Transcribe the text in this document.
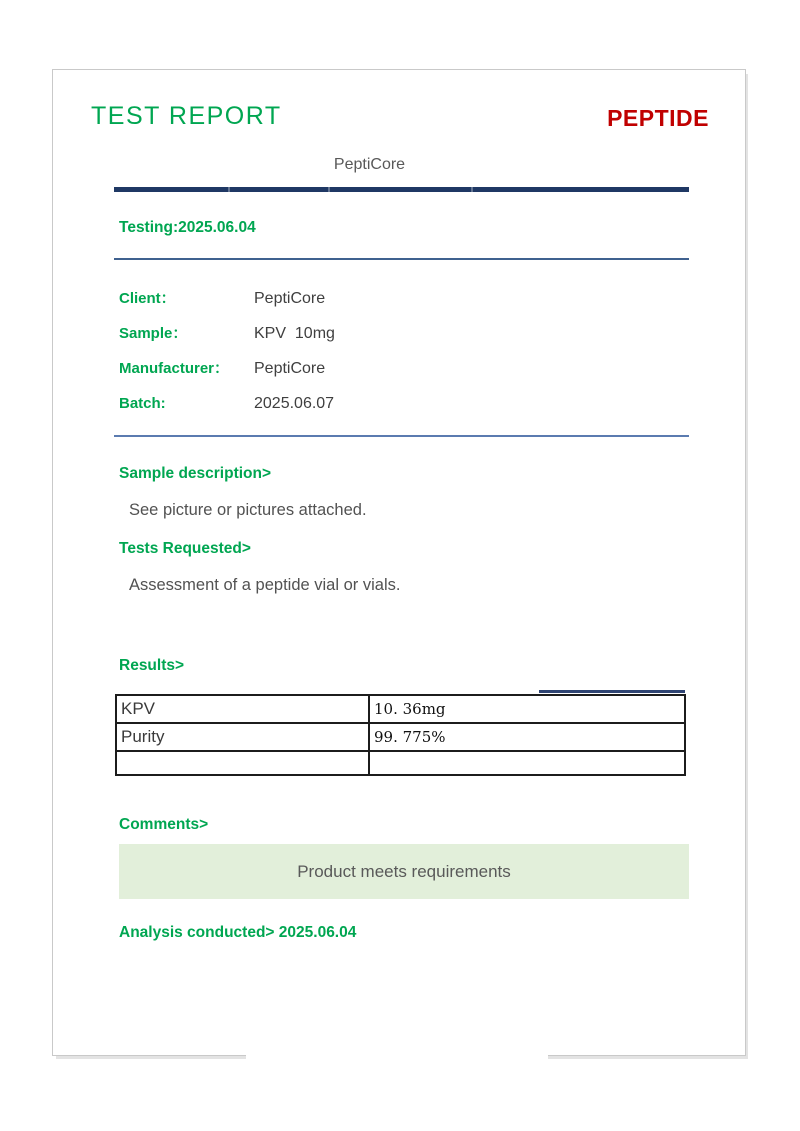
TEST REPORT	PEPTIDE
PeptiCore
Testing:2025.06.04
Client：	PeptiCore
Sample：	KPV  10mg
Manufacturer：	PeptiCore
Batch:	2025.06.07
Sample description>
See picture or pictures attached.
Tests Requested>
Assessment of a peptide vial or vials.
Results>
KPV	10. 36mg
Purity	99. 775%

Comments>
Product meets requirements
Analysis conducted> 2025.06.04
